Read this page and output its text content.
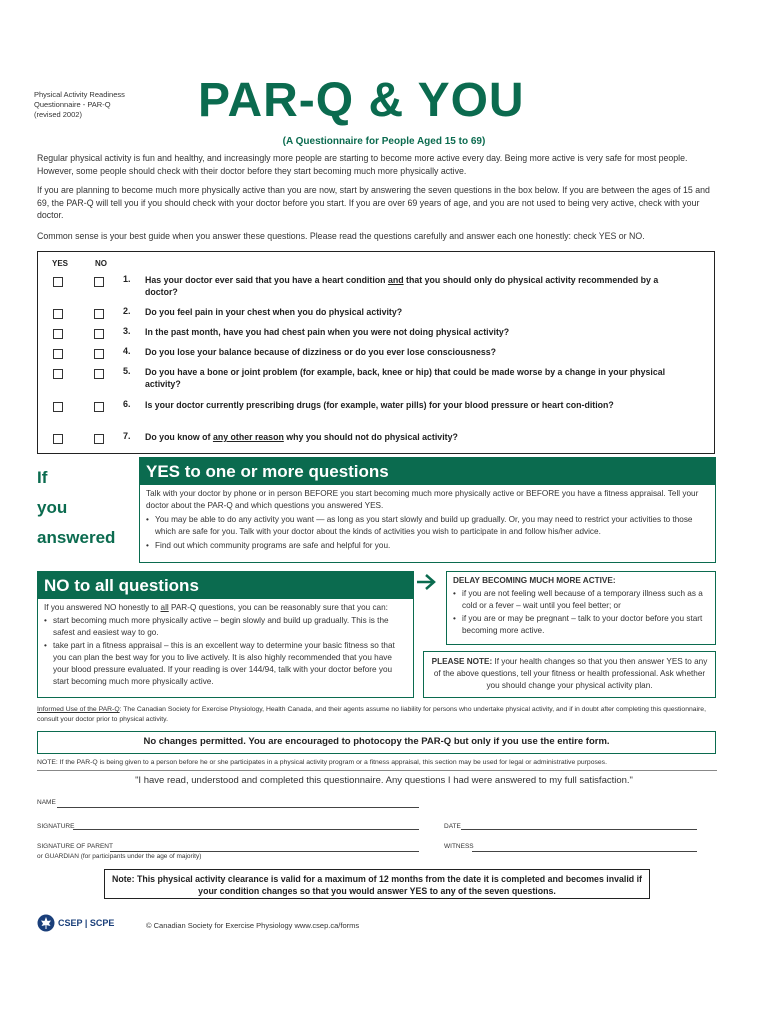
Physical Activity Readiness
Questionnaire - PAR-Q
(revised 2002)	PAR-Q & YOU
(A Questionnaire for People Aged 15 to 69)

Regular physical activity is fun and healthy, and increasingly more people are starting to become more active every day. Being more active is very safe for most people. However, some people should check with their doctor before they start becoming much more physically active.

If you are planning to become much more physically active than you are now, start by answering the seven questions in the box below. If you are between the ages of 15 and 69, the PAR-Q will tell you if you should check with your doctor before you start. If you are over 69 years of age, and you are not used to being very active, check with your doctor.

Common sense is your best guide when you answer these questions. Please read the questions carefully and answer each one honestly: check YES or NO.

YES	NO
1.	Has your doctor ever said that you have a heart condition and that you should only do physical activity recommended by a doctor?
2.	Do you feel pain in your chest when you do physical activity?
3.	In the past month, have you had chest pain when you were not doing physical activity?
4.	Do you lose your balance because of dizziness or do you ever lose consciousness?
5.	Do you have a bone or joint problem (for example, back, knee or hip) that could be made worse by a change in your physical activity?
6.	Is your doctor currently prescribing drugs (for example, water pills) for your blood pressure or heart con-dition?
7.	Do you know of any other reason why you should not do physical activity?
If
you
answered
YES to one or more questions
Talk with your doctor by phone or in person BEFORE you start becoming much more physically active or BEFORE you have a fitness appraisal. Tell your doctor about the PAR-Q and which questions you answered YES.
• You may be able to do any activity you want — as long as you start slowly and build up gradually. Or, you may need to restrict your activities to those which are safe for you. Talk with your doctor about the kinds of activities you wish to participate in and follow his/her advice.
• Find out which community programs are safe and helpful for you.
NO to all questions
If you answered NO honestly to all PAR-Q questions, you can be reasonably sure that you can:
• start becoming much more physically active – begin slowly and build up gradually. This is the safest and easiest way to go.
• take part in a fitness appraisal – this is an excellent way to determine your basic fitness so that you can plan the best way for you to live actively. It is also highly recommended that you have your blood pressure evaluated. If your reading is over 144/94, talk with your doctor before you start becoming much more physically active.
DELAY BECOMING MUCH MORE ACTIVE:
• if you are not feeling well because of a temporary illness such as a cold or a fever – wait until you feel better; or
• if you are or may be pregnant – talk to your doctor before you start becoming more active.
PLEASE NOTE: If your health changes so that you then answer YES to any of the above questions, tell your fitness or health professional. Ask whether you should change your physical activity plan.
Informed Use of the PAR-Q: The Canadian Society for Exercise Physiology, Health Canada, and their agents assume no liability for persons who undertake physical activity, and if in doubt after completing this questionnaire, consult your doctor prior to physical activity.
No changes permitted. You are encouraged to photocopy the PAR-Q but only if you use the entire form.
NOTE: If the PAR-Q is being given to a person before he or she participates in a physical activity program or a fitness appraisal, this section may be used for legal or administrative purposes.
"I have read, understood and completed this questionnaire. Any questions I had were answered to my full satisfaction."
NAME
SIGNATURE	DATE
SIGNATURE OF PARENT
or GUARDIAN (for participants under the age of majority)
WITNESS
Note: This physical activity clearance is valid for a maximum of 12 months from the date it is completed and becomes invalid if your condition changes so that you would answer YES to any of the seven questions.
CSEP | SCPE	© Canadian Society for Exercise Physiology www.csep.ca/forms
